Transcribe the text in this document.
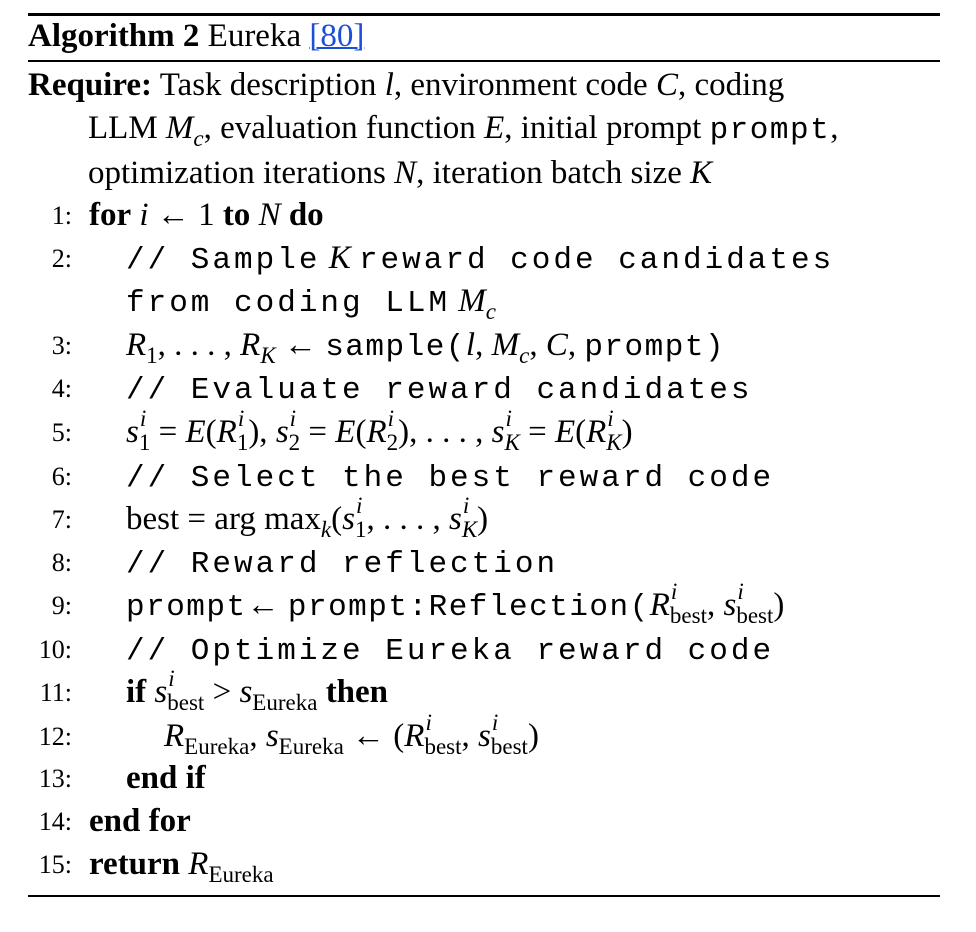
Algorithm 2 Eureka [80]
Require: Task description l, environment code C, coding
LLM $M_c$, evaluation function E, initial prompt prompt,
optimization iterations N, iteration batch size K
1: for i ← 1 to N do
2: // Sample K reward code candidates
from coding LLM $M_c$
3: $R_1$, . . . , $R_K$ ← sample(l, $M_c$, C, prompt)
4: // Evaluate reward candidates
5: s i
$_1$ = E(R i
$_1$), s i
$_2$ = E(R i
$_2$), . . . , s i
$_K$ = E(R i
$_K$)
6: // Select the best reward code
7: best = arg $\max_k(s$ i
$_1$, . . . , s i
$_K$)
8: // Reward reflection
9: prompt← prompt:Reflection(R i
$_{best}$, s i
$_{best}$)
10: // Optimize Eureka reward code
11: if s i
$_{best} > s_{Eureka}$ then
12:	$R_{Eureka}$, $s_{Eureka}$ ← (R i
$_{best}$, s i
$_{best}$)
13: end if
14: end for
15: return $R_{Eureka}$
